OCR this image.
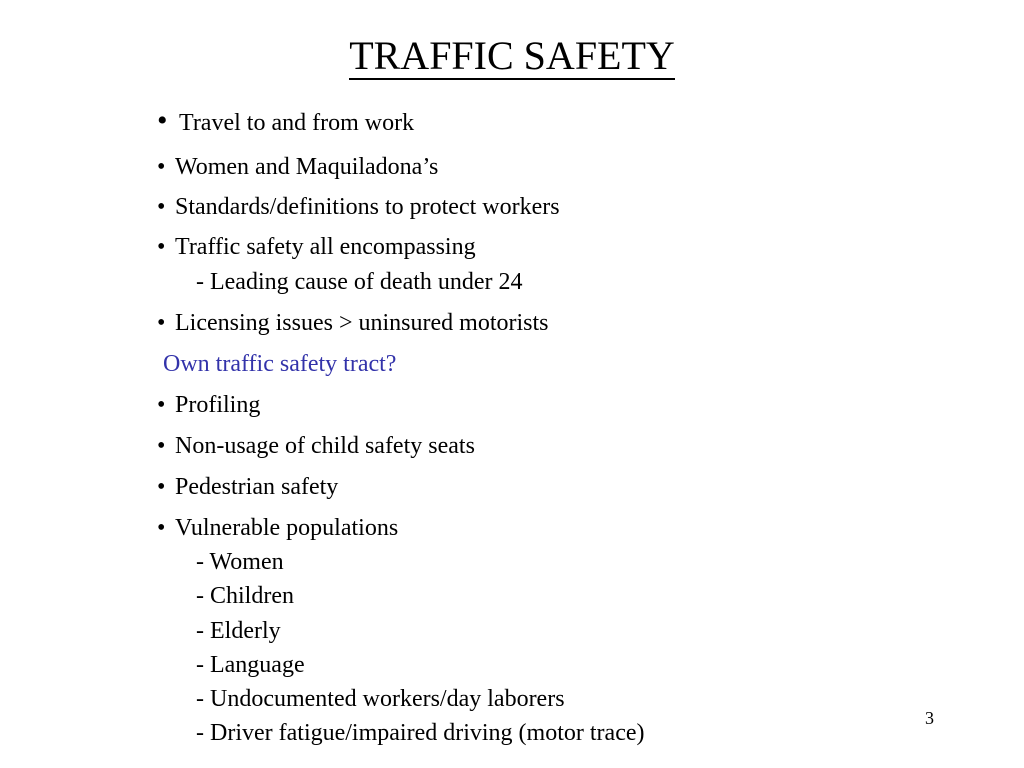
TRAFFIC SAFETY
• Travel to and from work
• Women and Maquiladona’s
• Standards/definitions to protect workers
• Traffic safety all encompassing
- Leading cause of death under 24
• Licensing issues > uninsured motorists
Own traffic safety tract?
• Profiling
• Non-usage of child safety seats
• Pedestrian safety
• Vulnerable populations
- Women
- Children
- Elderly
- Language
- Undocumented workers/day laborers
- Driver fatigue/impaired driving (motor trace)
3
